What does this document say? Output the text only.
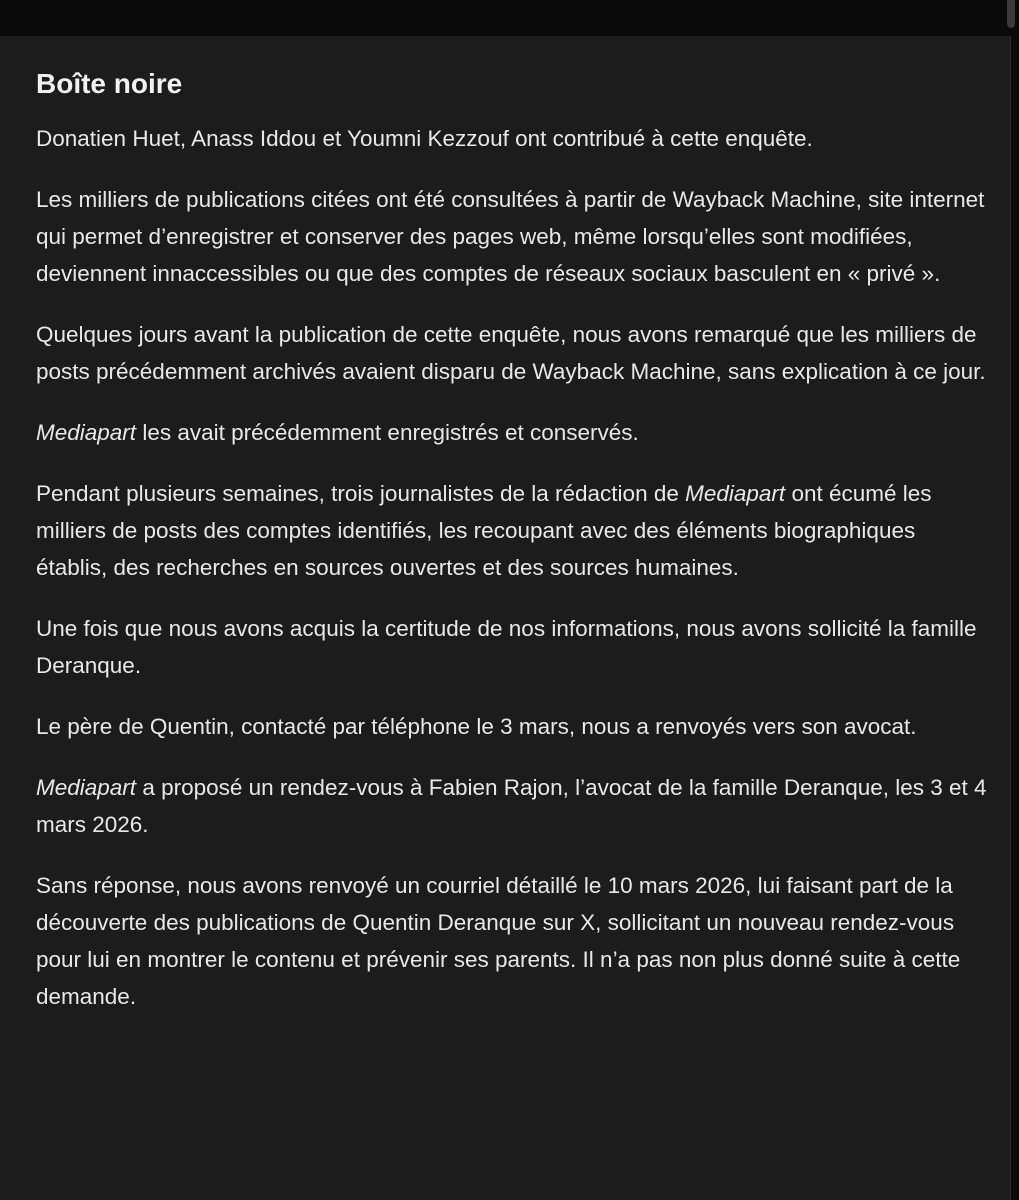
Boîte noire

Donatien Huet, Anass Iddou et Youmni Kezzouf ont contribué à cette enquête.

Les milliers de publications citées ont été consultées à partir de Wayback Machine, site internet qui permet d’enregistrer et conserver des pages web, même lorsqu’elles sont modifiées, deviennent innaccessibles ou que des comptes de réseaux sociaux basculent en « privé ».

Quelques jours avant la publication de cette enquête, nous avons remarqué que les milliers de posts précédemment archivés avaient disparu de Wayback Machine, sans explication à ce jour.

Mediapart les avait précédemment enregistrés et conservés.

Pendant plusieurs semaines, trois journalistes de la rédaction de Mediapart ont écumé les milliers de posts des comptes identifiés, les recoupant avec des éléments biographiques établis, des recherches en sources ouvertes et des sources humaines.

Une fois que nous avons acquis la certitude de nos informations, nous avons sollicité la famille Deranque.

Le père de Quentin, contacté par téléphone le 3 mars, nous a renvoyés vers son avocat.

Mediapart a proposé un rendez-vous à Fabien Rajon, l’avocat de la famille Deranque, les 3 et 4 mars 2026.

Sans réponse, nous avons renvoyé un courriel détaillé le 10 mars 2026, lui faisant part de la découverte des publications de Quentin Deranque sur X, sollicitant un nouveau rendez-vous pour lui en montrer le contenu et prévenir ses parents. Il n’a pas non plus donné suite à cette demande.
